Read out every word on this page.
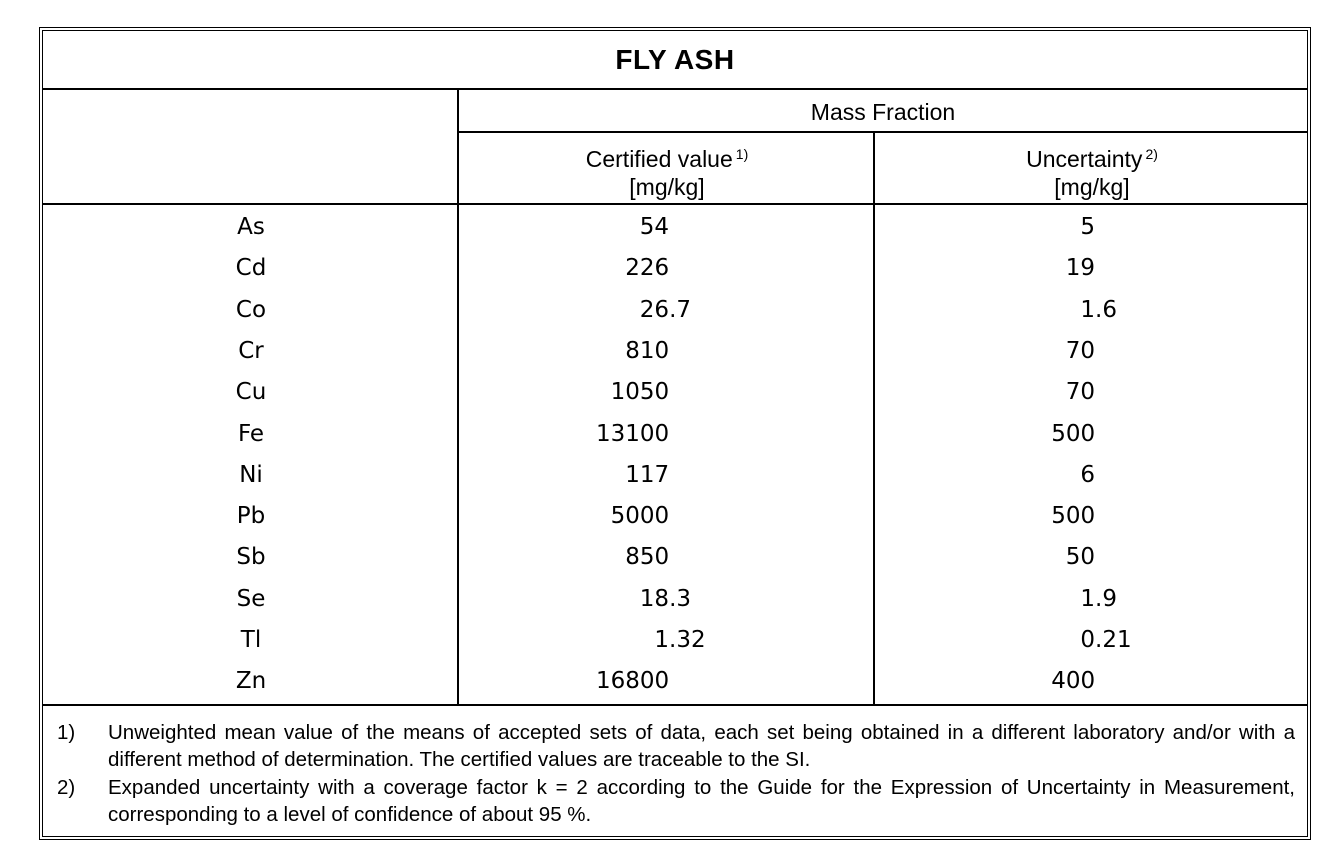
FLY ASH
Mass Fraction
Certified value $^{1)}$
[mg/kg]
Uncertainty $^{2)}$
[mg/kg]
As	54	5
Cd	226	19
Co	26.7	1.6
Cr	810	70
Cu	1050	70
Fe	13100	500
Ni	117	6
Pb	5000	500
Sb	850	50
Se	18.3	1.9
Tl	1.32	0.21
Zn	16800	400
1) Unweighted mean value of the means of accepted sets of data, each set being obtained in a different laboratory and/or with a different method of determination. The certified values are traceable to the SI.
2) Expanded uncertainty with a coverage factor k = 2 according to the Guide for the Expression of Uncertainty in Measurement, corresponding to a level of confidence of about 95 %.
